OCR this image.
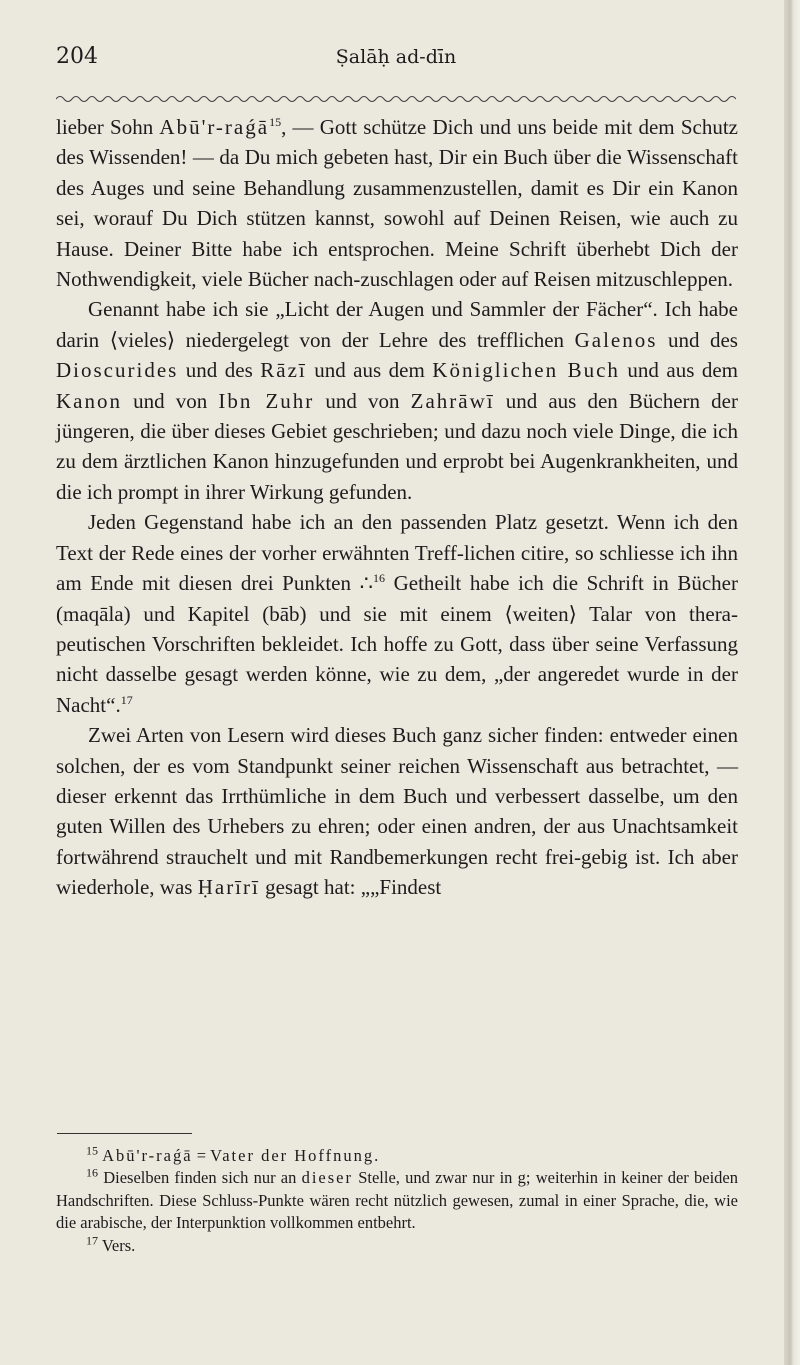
204	Ṣalāḥ ad-dīn

lieber Sohn Abū'r-raǵā$^{15}$, — Gott schütze Dich und uns beide mit dem Schutz des Wissenden! — da Du mich gebeten hast, Dir ein Buch über die Wissenschaft des Auges und seine Behandlung zusammenzustellen, damit es Dir ein Kanon sei, worauf Du Dich stützen kannst, sowohl auf Deinen Reisen, wie auch zu Hause. Deiner Bitte habe ich entsprochen. Meine Schrift überhebt Dich der Nothwendigkeit, viele Bücher nach-zuschlagen oder auf Reisen mitzuschleppen.

Genannt habe ich sie „Licht der Augen und Sammler der Fächer“. Ich habe darin ⟨vieles⟩ niedergelegt von der Lehre des trefflichen Galenos und des Dioscurides und des Rāzī und aus dem Königlichen Buch und aus dem Kanon und von Ibn Zuhr und von Zahrāwī und aus den Büchern der jüngeren, die über dieses Gebiet geschrieben; und dazu noch viele Dinge, die ich zu dem ärztlichen Kanon hinzugefunden und erprobt bei Augenkrankheiten, und die ich prompt in ihrer Wirkung gefunden.

Jeden Gegenstand habe ich an den passenden Platz gesetzt. Wenn ich den Text der Rede eines der vorher erwähnten Treff-lichen citire, so schliesse ich ihn am Ende mit diesen drei Punkten ∴$^{16}$ Getheilt habe ich die Schrift in Bücher (maqāla) und Kapitel (bāb) und sie mit einem ⟨weiten⟩ Talar von thera-peutischen Vorschriften bekleidet. Ich hoffe zu Gott, dass über seine Verfassung nicht dasselbe gesagt werden könne, wie zu dem, „der angeredet wurde in der Nacht“.$^{17}$

Zwei Arten von Lesern wird dieses Buch ganz sicher finden: entweder einen solchen, der es vom Standpunkt seiner reichen Wissenschaft aus betrachtet, — dieser erkennt das Irrthümliche in dem Buch und verbessert dasselbe, um den guten Willen des Urhebers zu ehren; oder einen andren, der aus Unachtsamkeit fortwährend strauchelt und mit Randbemerkungen recht frei-gebig ist. Ich aber wiederhole, was Ḥarīrī gesagt hat: „„Findest

$^{15}$ Abū'r-raǵā = Vater der Hoffnung.

$^{16}$ Dieselben finden sich nur an dieser Stelle, und zwar nur in g; weiterhin in keiner der beiden Handschriften. Diese Schluss-Punkte wären recht nützlich gewesen, zumal in einer Sprache, die, wie die arabische, der Interpunktion vollkommen entbehrt.

$^{17}$ Vers.
